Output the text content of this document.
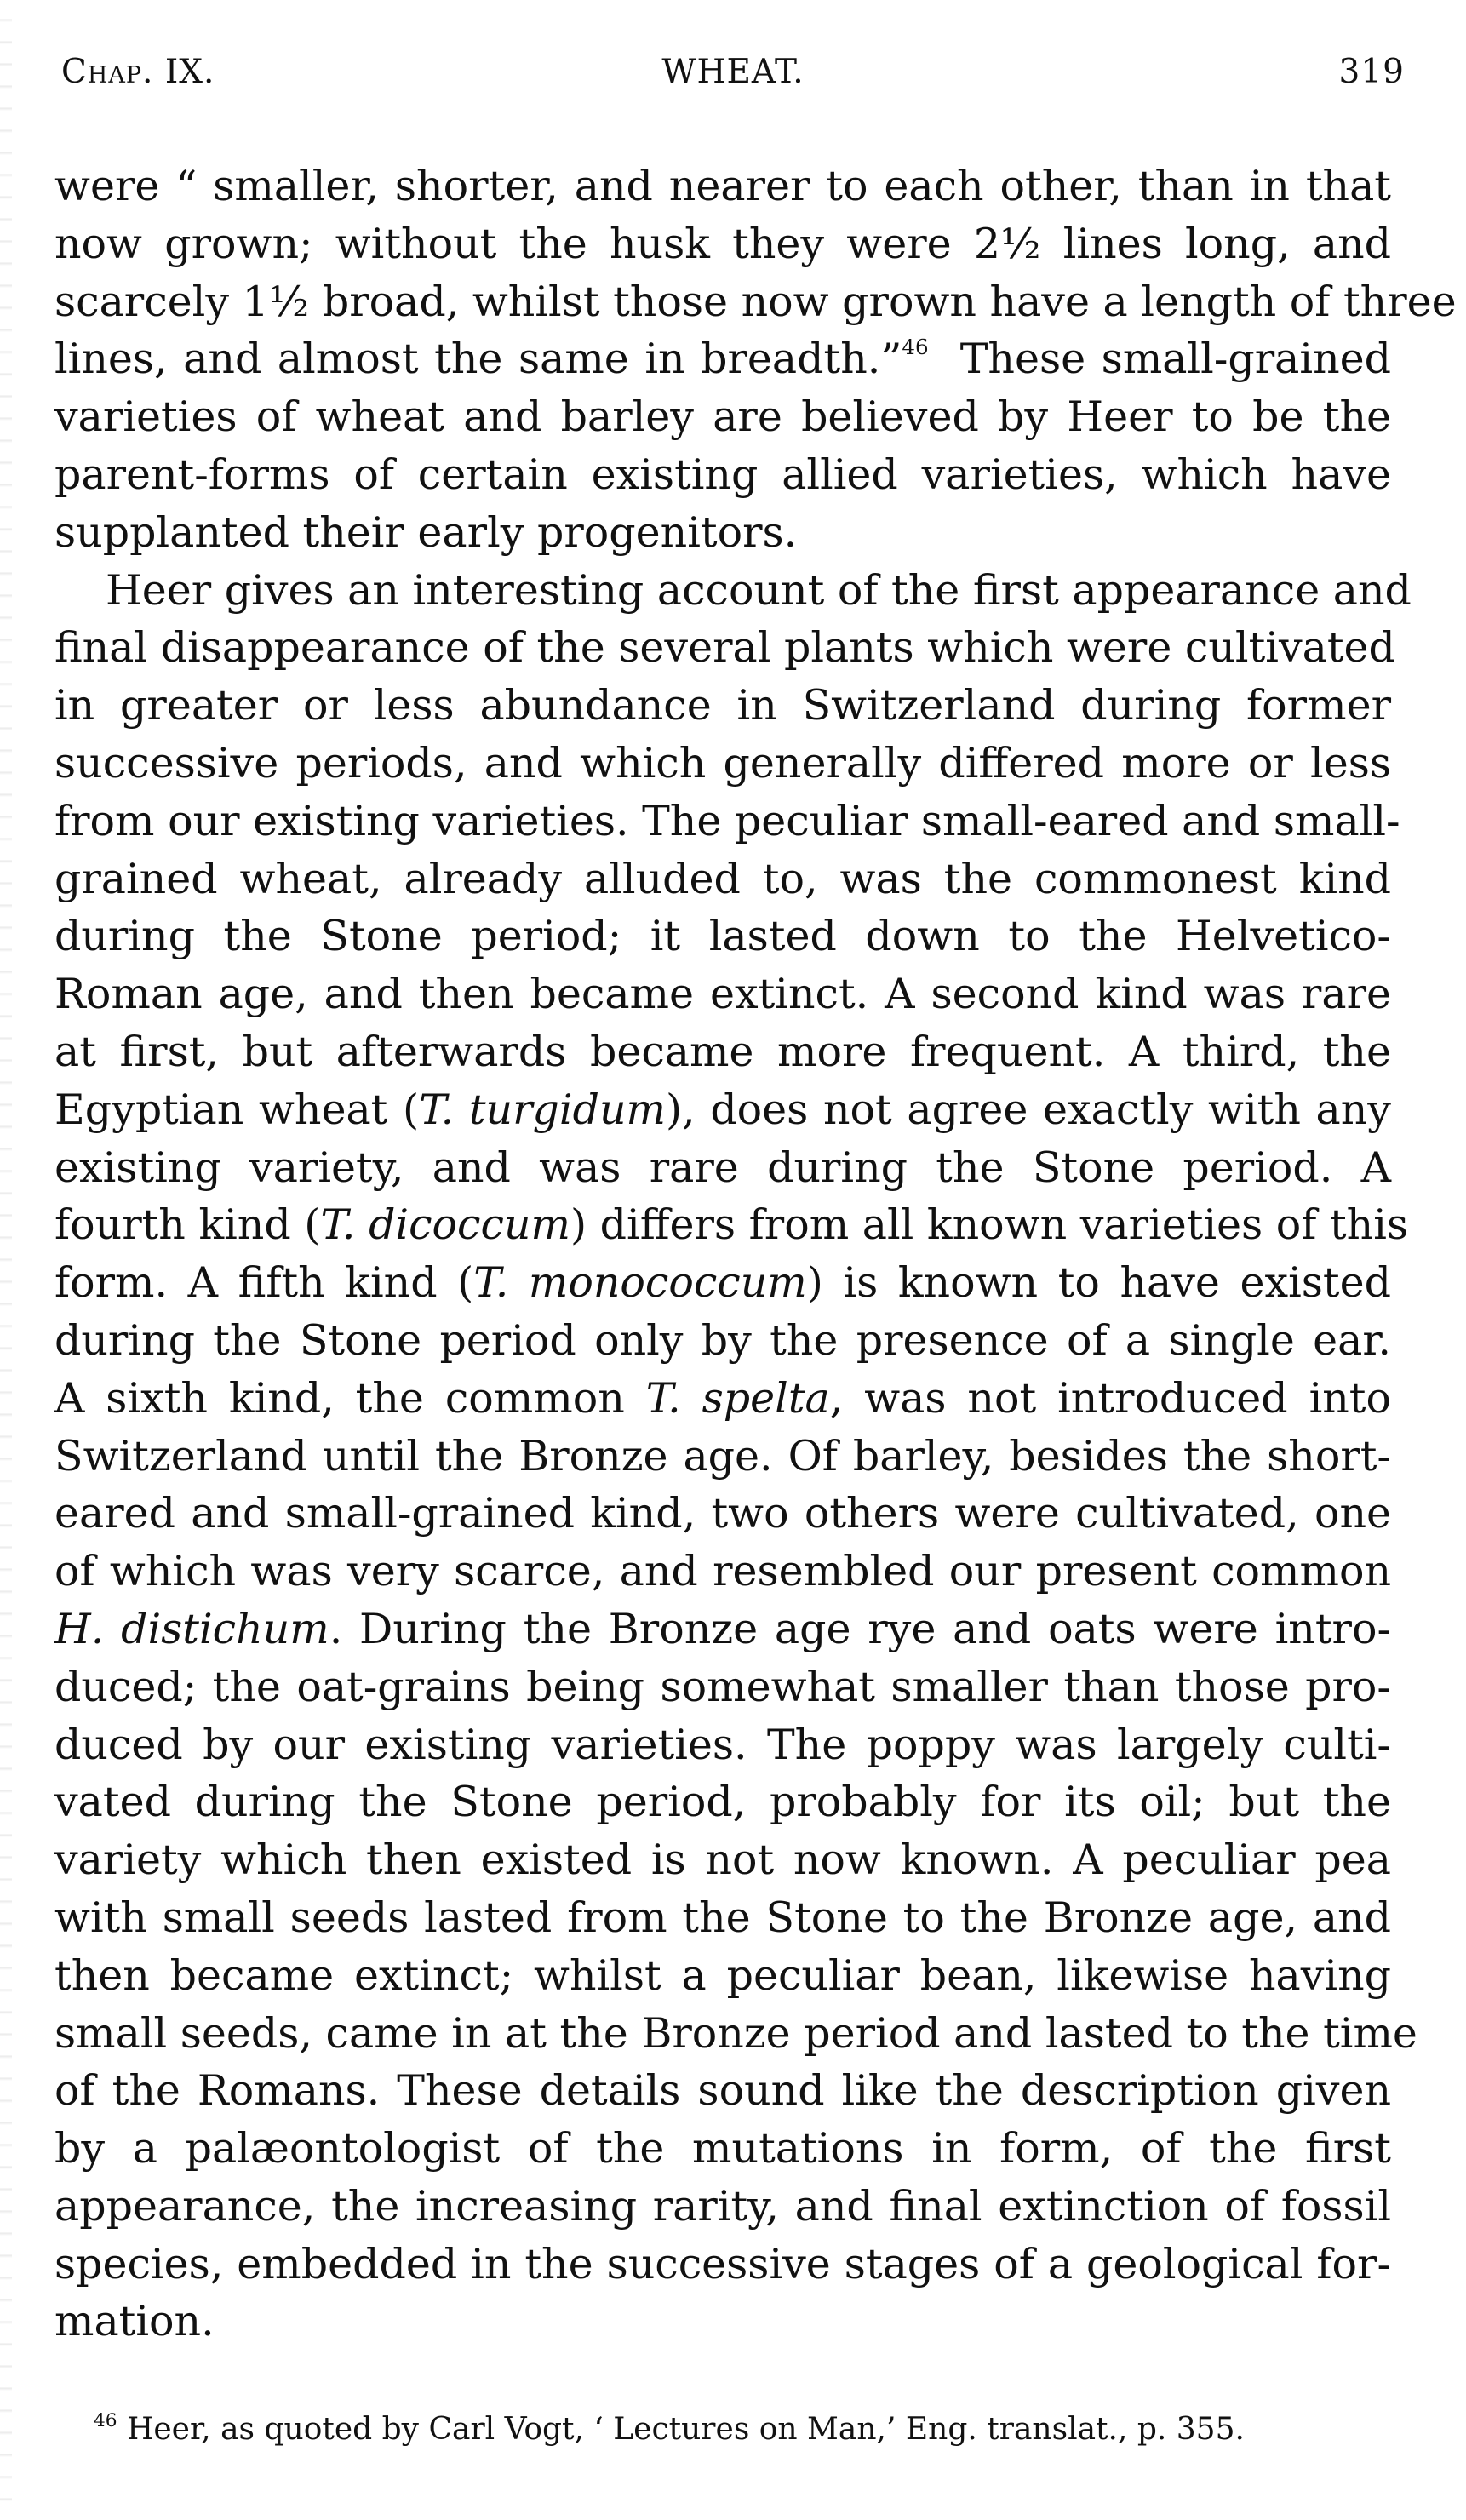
Chap. IX.	WHEAT.	319
were “ smaller, shorter, and nearer to each other, than in that
now grown; without the husk they were 2½ lines long, and
scarcely 1½ broad, whilst those now grown have a length of three
lines, and almost the same in breadth.”$^{46}$ These small-grained
varieties of wheat and barley are believed by Heer to be the
parent-forms of certain existing allied varieties, which have
supplanted their early progenitors.
Heer gives an interesting account of the first appearance and
final disappearance of the several plants which were cultivated
in greater or less abundance in Switzerland during former
successive periods, and which generally differed more or less
from our existing varieties. The peculiar small-eared and small-
grained wheat, already alluded to, was the commonest kind
during the Stone period; it lasted down to the Helvetico-
Roman age, and then became extinct. A second kind was rare
at first, but afterwards became more frequent. A third, the
Egyptian wheat (T. turgidum), does not agree exactly with any
existing variety, and was rare during the Stone period. A
fourth kind (T. dicoccum) differs from all known varieties of this
form. A fifth kind (T. monococcum) is known to have existed
during the Stone period only by the presence of a single ear.
A sixth kind, the common T. spelta, was not introduced into
Switzerland until the Bronze age. Of barley, besides the short-
eared and small-grained kind, two others were cultivated, one
of which was very scarce, and resembled our present common
H. distichum. During the Bronze age rye and oats were intro-
duced; the oat-grains being somewhat smaller than those pro-
duced by our existing varieties. The poppy was largely culti-
vated during the Stone period, probably for its oil; but the
variety which then existed is not now known. A peculiar pea
with small seeds lasted from the Stone to the Bronze age, and
then became extinct; whilst a peculiar bean, likewise having
small seeds, came in at the Bronze period and lasted to the time
of the Romans. These details sound like the description given
by a palæontologist of the mutations in form, of the first
appearance, the increasing rarity, and final extinction of fossil
species, embedded in the successive stages of a geological for-
mation.
$^{46}$ Heer, as quoted by Carl Vogt, ‘ Lectures on Man,’ Eng. translat., p. 355.
